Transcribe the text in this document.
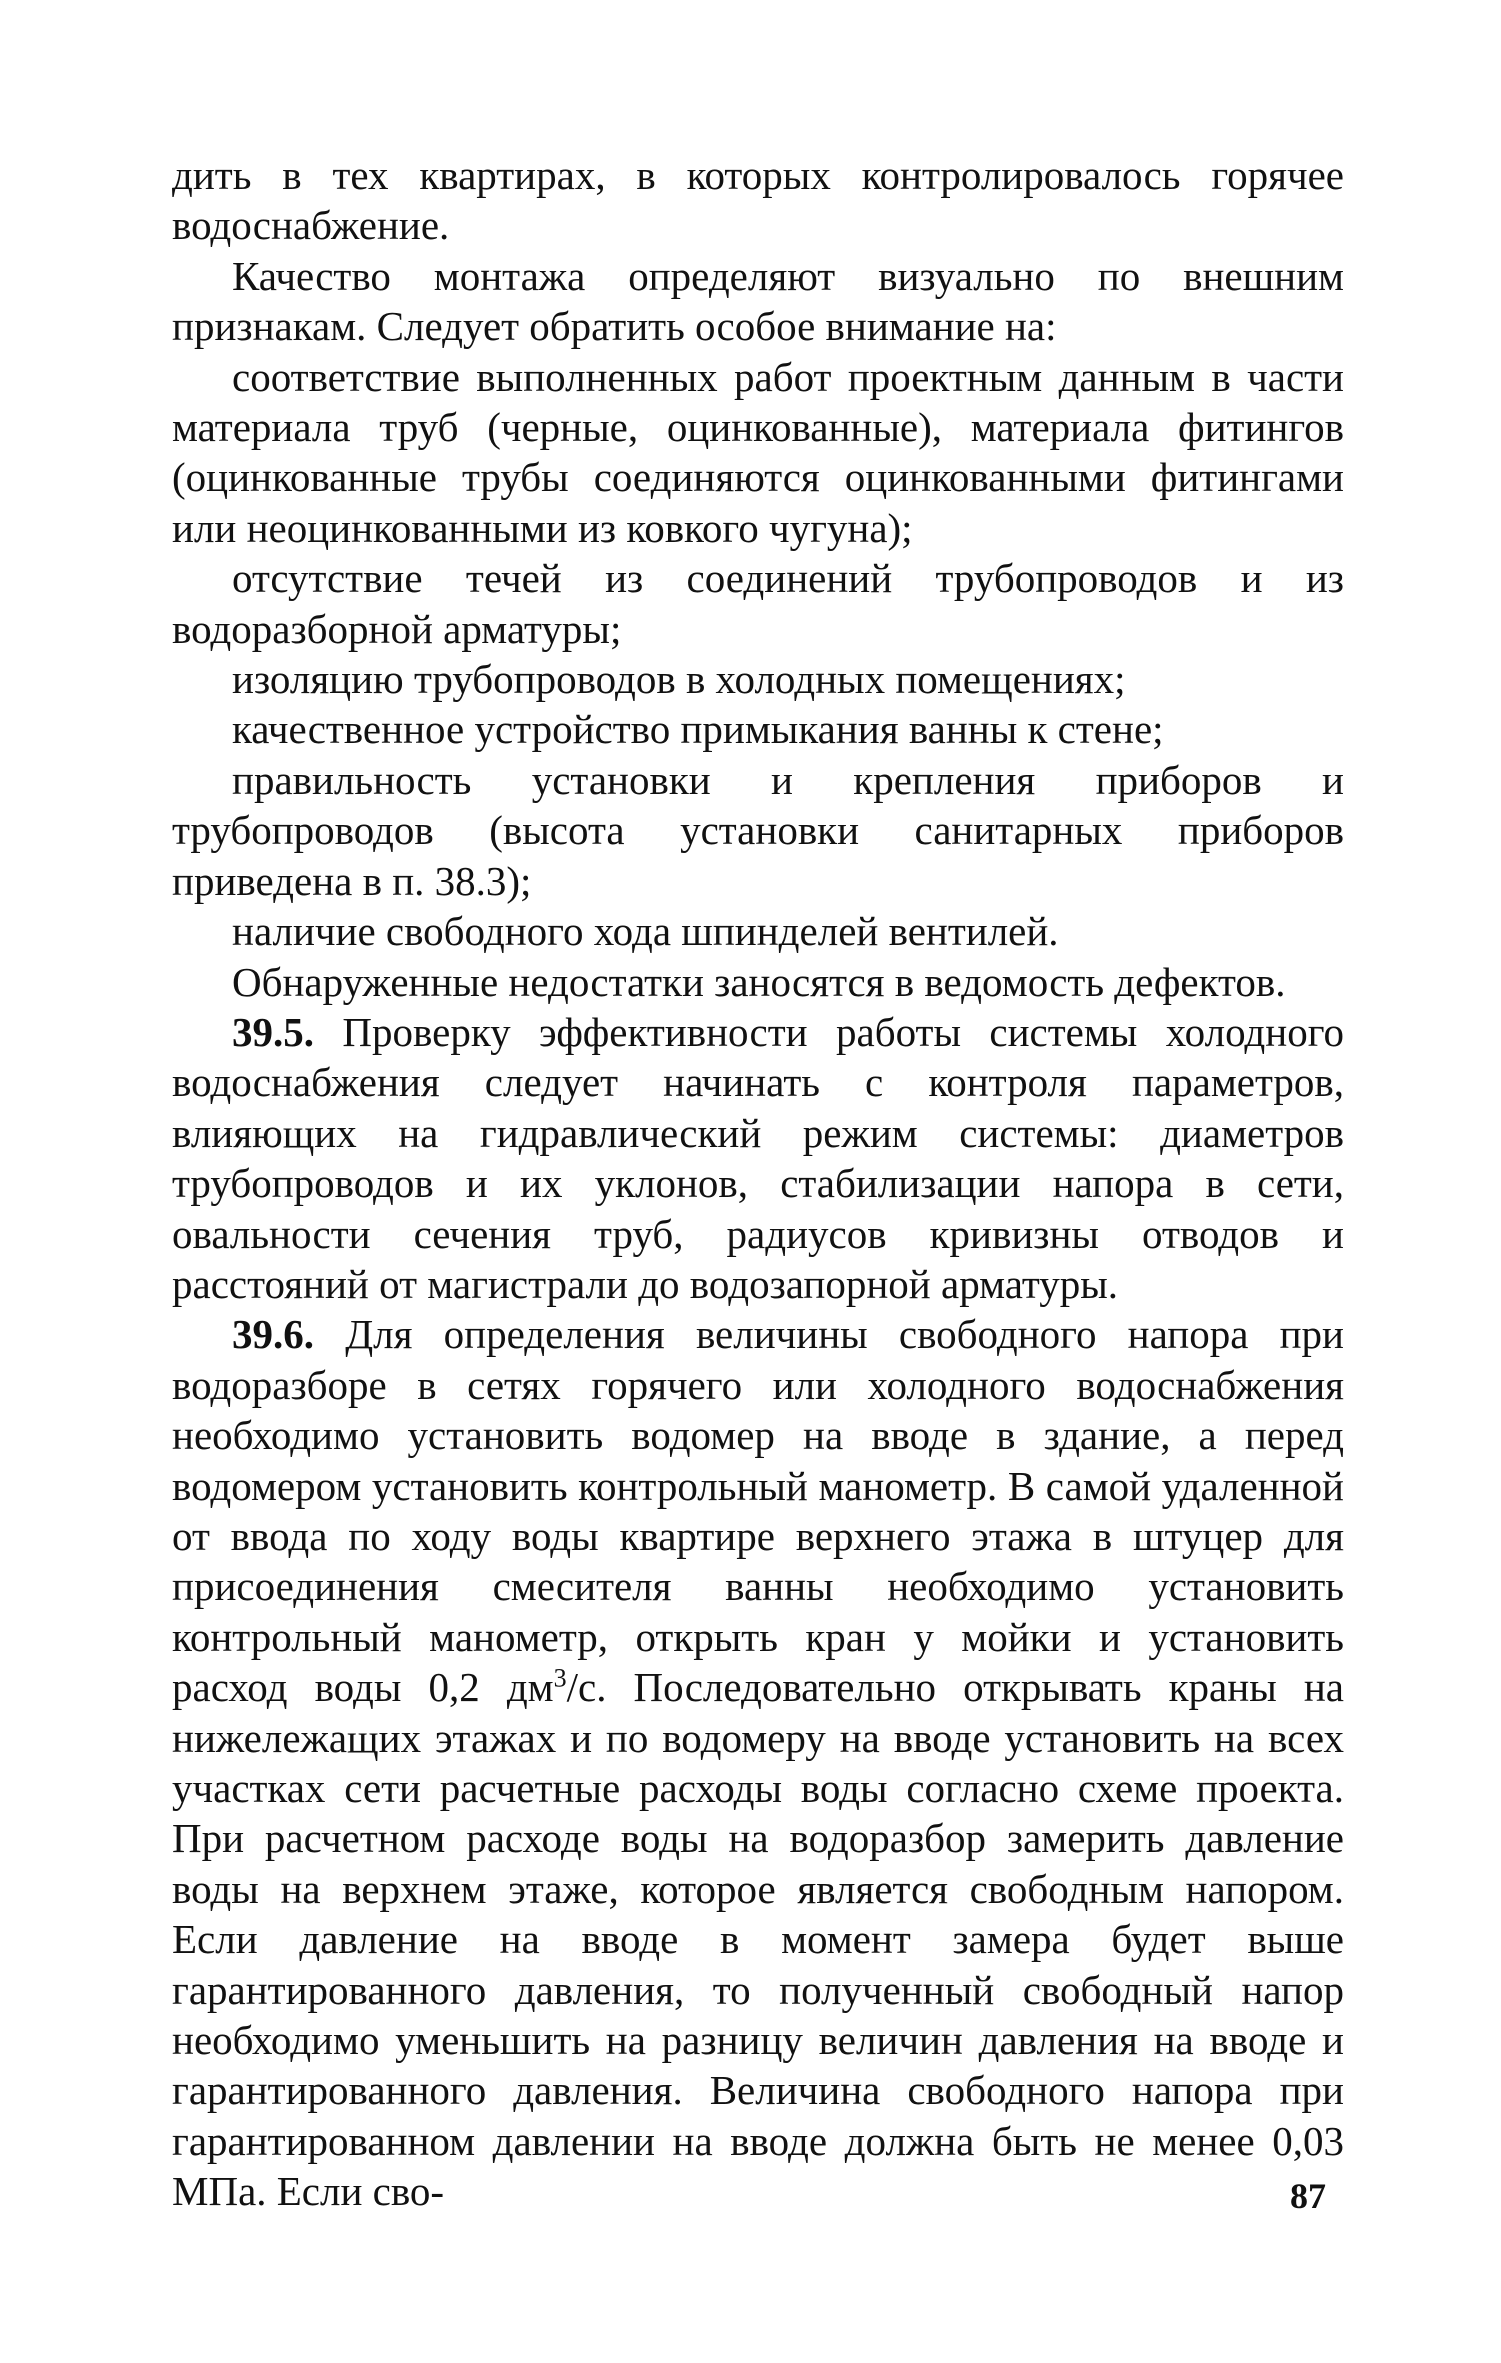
дить в тех квартирах, в которых контролировалось горячее водоснабжение.

Качество монтажа определяют визуально по внешним признакам. Следует обратить особое внимание на:

соответствие выполненных работ проектным данным в части материала труб (черные, оцинкованные), материала фитингов (оцинкованные трубы соединяются оцинкованными фитингами или неоцинкованными из ковкого чугуна);

отсутствие течей из соединений трубопроводов и из водоразборной арматуры;

изоляцию трубопроводов в холодных помещениях;

качественное устройство примыкания ванны к стене;

правильность установки и крепления приборов и трубопроводов (высота установки санитарных приборов приведена в п. 38.3);

наличие свободного хода шпинделей вентилей.

Обнаруженные недостатки заносятся в ведомость дефектов.

39.5. Проверку эффективности работы системы холодного водоснабжения следует начинать с контроля параметров, влияющих на гидравлический режим системы: диаметров трубопроводов и их уклонов, стабилизации напора в сети, овальности сечения труб, радиусов кривизны отводов и расстояний от магистрали до водозапорной арматуры.

39.6. Для определения величины свободного напора при водоразборе в сетях горячего или холодного водоснабжения необходимо установить водомер на вводе в здание, а перед водомером установить контрольный манометр. В самой удаленной от ввода по ходу воды квартире верхнего этажа в штуцер для присоединения смесителя ванны необходимо установить контрольный манометр, открыть кран у мойки и установить расход воды 0,2 $дм^3/с$. Последовательно открывать краны на нижележащих этажах и по водомеру на вводе установить на всех участках сети расчетные расходы воды согласно схеме проекта. При расчетном расходе воды на водоразбор замерить давление воды на верхнем этаже, которое является свободным напором. Если давление на вводе в момент замера будет выше гарантированного давления, то полученный свободный напор необходимо уменьшить на разницу величин давления на вводе и гарантированного давления. Величина свободного напора при гарантированном давлении на вводе должна быть не менее 0,03 МПа. Если сво-	87
